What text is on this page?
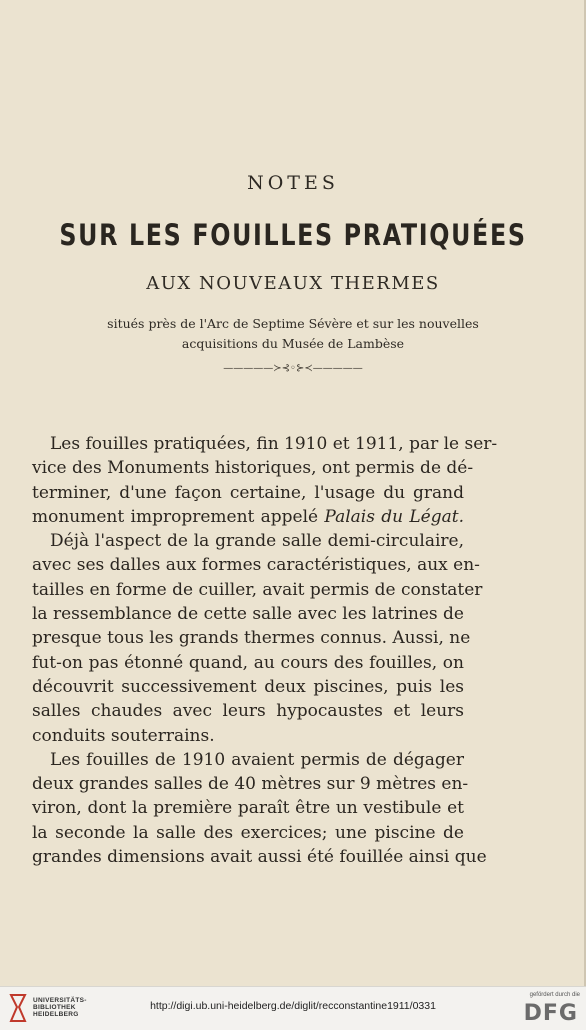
NOTES
SUR LES FOUILLES PRATIQUÉES
AUX NOUVEAUX THERMES
situés près de l'Arc de Septime Sévère et sur les nouvelles
acquisitions du Musée de Lambèse
—————≻⊰◦⊱≺—————
Les fouilles pratiquées, fin 1910 et 1911, par le ser-
vice des Monuments historiques, ont permis de dé-
terminer, d'une façon certaine, l'usage du grand
monument improprement appelé Palais du Légat.
Déjà l'aspect de la grande salle demi-circulaire,
avec ses dalles aux formes caractéristiques, aux en-
tailles en forme de cuiller, avait permis de constater
la ressemblance de cette salle avec les latrines de
presque tous les grands thermes connus. Aussi, ne
fut-on pas étonné quand, au cours des fouilles, on
découvrit successivement deux piscines, puis les
salles chaudes avec leurs hypocaustes et leurs
conduits souterrains.
Les fouilles de 1910 avaient permis de dégager
deux grandes salles de 40 mètres sur 9 mètres en-
viron, dont la première paraît être un vestibule et
la seconde la salle des exercices; une piscine de
grandes dimensions avait aussi été fouillée ainsi que
UNIVERSITÄTS-
BIBLIOTHEK
HEIDELBERG
http://digi.ub.uni-heidelberg.de/diglit/recconstantine1911/0331
gefördert durch die
DFG
